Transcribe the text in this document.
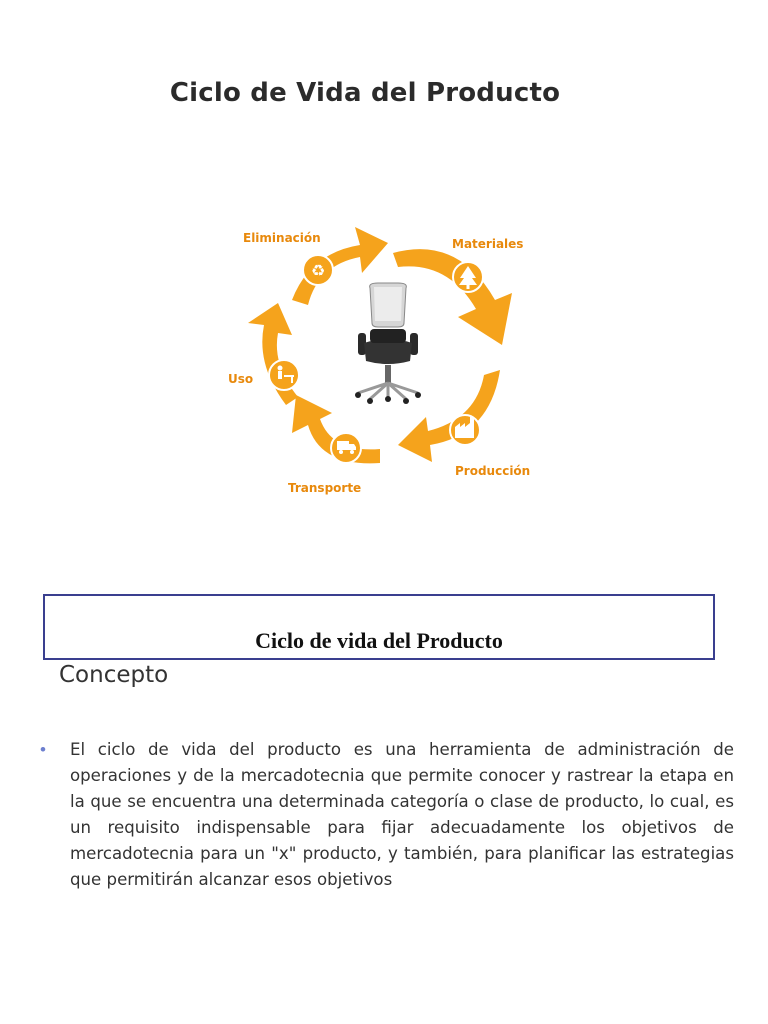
Ciclo de Vida del Producto
♻
Eliminación	Materiales
Uso
Producción
Transporte
Ciclo de vida del Producto
Concepto
• El ciclo de vida del producto es una herramienta de administración de operaciones y de la mercadotecnia que permite conocer y rastrear la etapa en la que se encuentra una determinada categoría o clase de producto, lo cual, es un requisito indispensable para fijar adecuadamente los objetivos de mercadotecnia para un "x" producto, y también, para planificar las estrategias que permitirán alcanzar esos objetivos
